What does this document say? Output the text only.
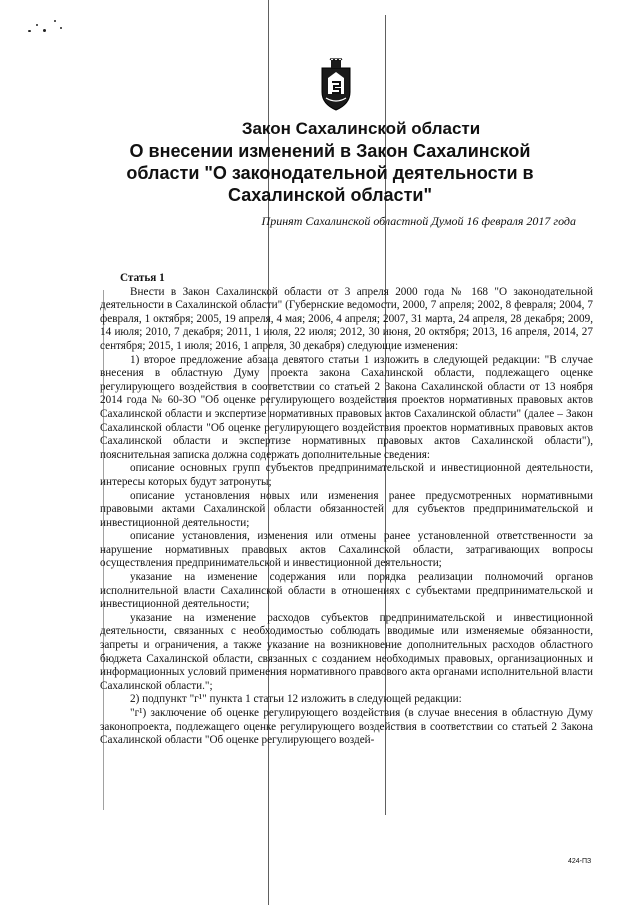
Закон Сахалинской области
О внесении изменений в Закон Сахалинской
области "О законодательной деятельности в
Сахалинской области"
Принят Сахалинской областной Думой 16 февраля 2017 года

Статья 1

Внести в Закон Сахалинской области от 3 апреля 2000 года № 168 "О законодательной деятельности в Сахалинской области" (Губернские ведомости, 2000, 7 апреля; 2002, 8 февраля; 2004, 7 февраля, 1 октября; 2005, 19 апреля, 4 мая; 2006, 4 апреля; 2007, 31 марта, 24 апреля, 28 декабря; 2009, 14 июля; 2010, 7 декабря; 2011, 1 июля, 22 июля; 2012, 30 июня, 20 октября; 2013, 16 апреля, 2014, 27 сентября; 2015, 1 июля; 2016, 1 апреля, 30 декабря) следующие изменения:

1) второе предложение абзаца девятого статьи 1 изложить в следующей редакции: "В случае внесения в областную Думу проекта закона Сахалинской области, подлежащего оценке регулирующего воздействия в соответствии со статьей 2 Закона Сахалинской области от 13 ноября 2014 года № 60-ЗО "Об оценке регулирующего воздействия проектов нормативных правовых актов Сахалинской области и экспертизе нормативных правовых актов Сахалинской области" (далее – Закон Сахалинской области "Об оценке регулирующего воздействия проектов нормативных правовых актов Сахалинской области и экспертизе нормативных правовых актов Сахалинской области"), пояснительная записка должна содержать дополнительные сведения:

описание основных групп субъектов предпринимательской и инвестиционной деятельности, интересы которых будут затронуты;

описание установления новых или изменения ранее предусмотренных нормативными правовыми актами Сахалинской области обязанностей для субъектов предпринимательской и инвестиционной деятельности;

описание установления, изменения или отмены ранее установленной ответственности за нарушение нормативных правовых актов Сахалинской области, затрагивающих вопросы осуществления предпринимательской и инвестиционной деятельности;

указание на изменение содержания или порядка реализации полномочий органов исполнительной власти Сахалинской области в отношениях с субъектами предпринимательской и инвестиционной деятельности;

указание на изменение расходов субъектов предпринимательской и инвестиционной деятельности, связанных с необходимостью соблюдать вводимые или изменяемые обязанности, запреты и ограничения, а также указание на возникновение дополнительных расходов областного бюджета Сахалинской области, связанных с созданием необходимых правовых, организационных и информационных условий применения нормативного правового акта органами исполнительной власти Сахалинской области.";

2) подпункт "г¹" пункта 1 статьи 12 изложить в следующей редакции:

"г¹) заключение об оценке регулирующего воздействия (в случае внесения в областную Думу законопроекта, подлежащего оценке регулирующего воздействия в соответствии со статьей 2 Закона Сахалинской области "Об оценке регулирующего воздей-

424-ПЗ
